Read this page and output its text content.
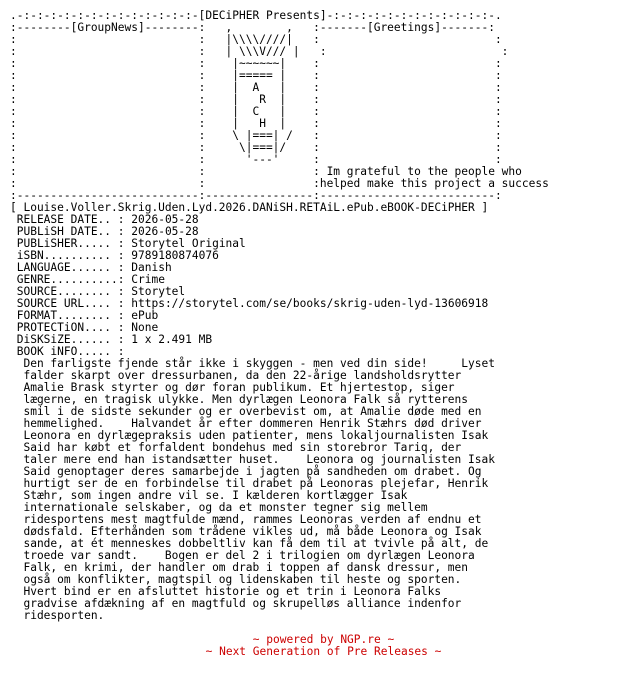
.-:-:-:-:-:-:-:-:-:-:-:-:-:-[DECiPHER Presents]-:-:-:-:-:-:-:-:-:-:-:-:-.
:--------[GroupNews]--------:   ,        ,   :-------[Greetings]-------:
:                           :   |\\\\////|   :                          :
:                           :   | \\\V/// |   :                          :
:                           :    |~~~~~~|    :                          :
:                           :    |===== |    :                          :
:                           :    |  A   |    :                          :
:                           :    |   R  |    :                          :
:                           :    |  C   |    :                          :
:                           :    |   H  |    :                          :
:                           :    \ |===| /   :                          :
:                           :     \|===|/    :                          :
:                           :      '---'     :                          :
:                           :                : Im grateful to the people who
:                           :                :helped make this project a success
:---------------------------:----------------:--------------------------:
[ Louise.Voller.Skrig.Uden.Lyd.2026.DANiSH.RETAiL.ePub.eBOOK-DECiPHER ]
RELEASE DATE.. : 2026-05-28
PUBLiSH DATE.. : 2026-05-28
PUBLiSHER..... : Storytel Original
iSBN.......... : 9789180874076
LANGUAGE...... : Danish
GENRE..........: Crime
SOURCE........ : Storytel
SOURCE URL.... : https://storytel.com/se/books/skrig-uden-lyd-13606918
FORMAT........ : ePub
PROTECTiON.... : None
DiSKSiZE...... : 1 x 2.491 MB
BOOK iNFO..... :
Den farligste fjende står ikke i skyggen - men ved din side!     Lyset
falder skarpt over dressurbanen, da den 22-årige landsholdsrytter
Amalie Brask styrter og dør foran publikum. Et hjertestop, siger
lægerne, en tragisk ulykke. Men dyrlægen Leonora Falk så rytterens
smil i de sidste sekunder og er overbevist om, at Amalie døde med en
hemmelighed.    Halvandet år efter dommeren Henrik Stæhrs død driver
Leonora en dyrlægepraksis uden patienter, mens lokaljournalisten Isak
Said har købt et forfaldent bondehus med sin storebror Tariq, der
taler mere end han istandsætter huset.    Leonora og journalisten Isak
Said genoptager deres samarbejde i jagten på sandheden om drabet. Og
hurtigt ser de en forbindelse til drabet på Leonoras plejefar, Henrik
Stæhr, som ingen andre vil se. I kælderen kortlægger Isak
internationale selskaber, og da et monster tegner sig mellem
ridesportens mest magtfulde mænd, rammes Leonoras verden af endnu et
dødsfald. Efterhånden som trådene vikles ud, må både Leonora og Isak
sande, at ét menneskes dobbeltliv kan få dem til at tvivle på alt, de
troede var sandt.    Bogen er del 2 i trilogien om dyrlægen Leonora
Falk, en krimi, der handler om drab i toppen af dansk dressur, men
også om konflikter, magtspil og lidenskaben til heste og sporten.
Hvert bind er en afsluttet historie og et trin i Leonora Falks
gradvise afdækning af en magtfuld og skrupelløs alliance indenfor
ridesporten.
~ powered by NGP.re ~
~ Next Generation of Pre Releases ~
